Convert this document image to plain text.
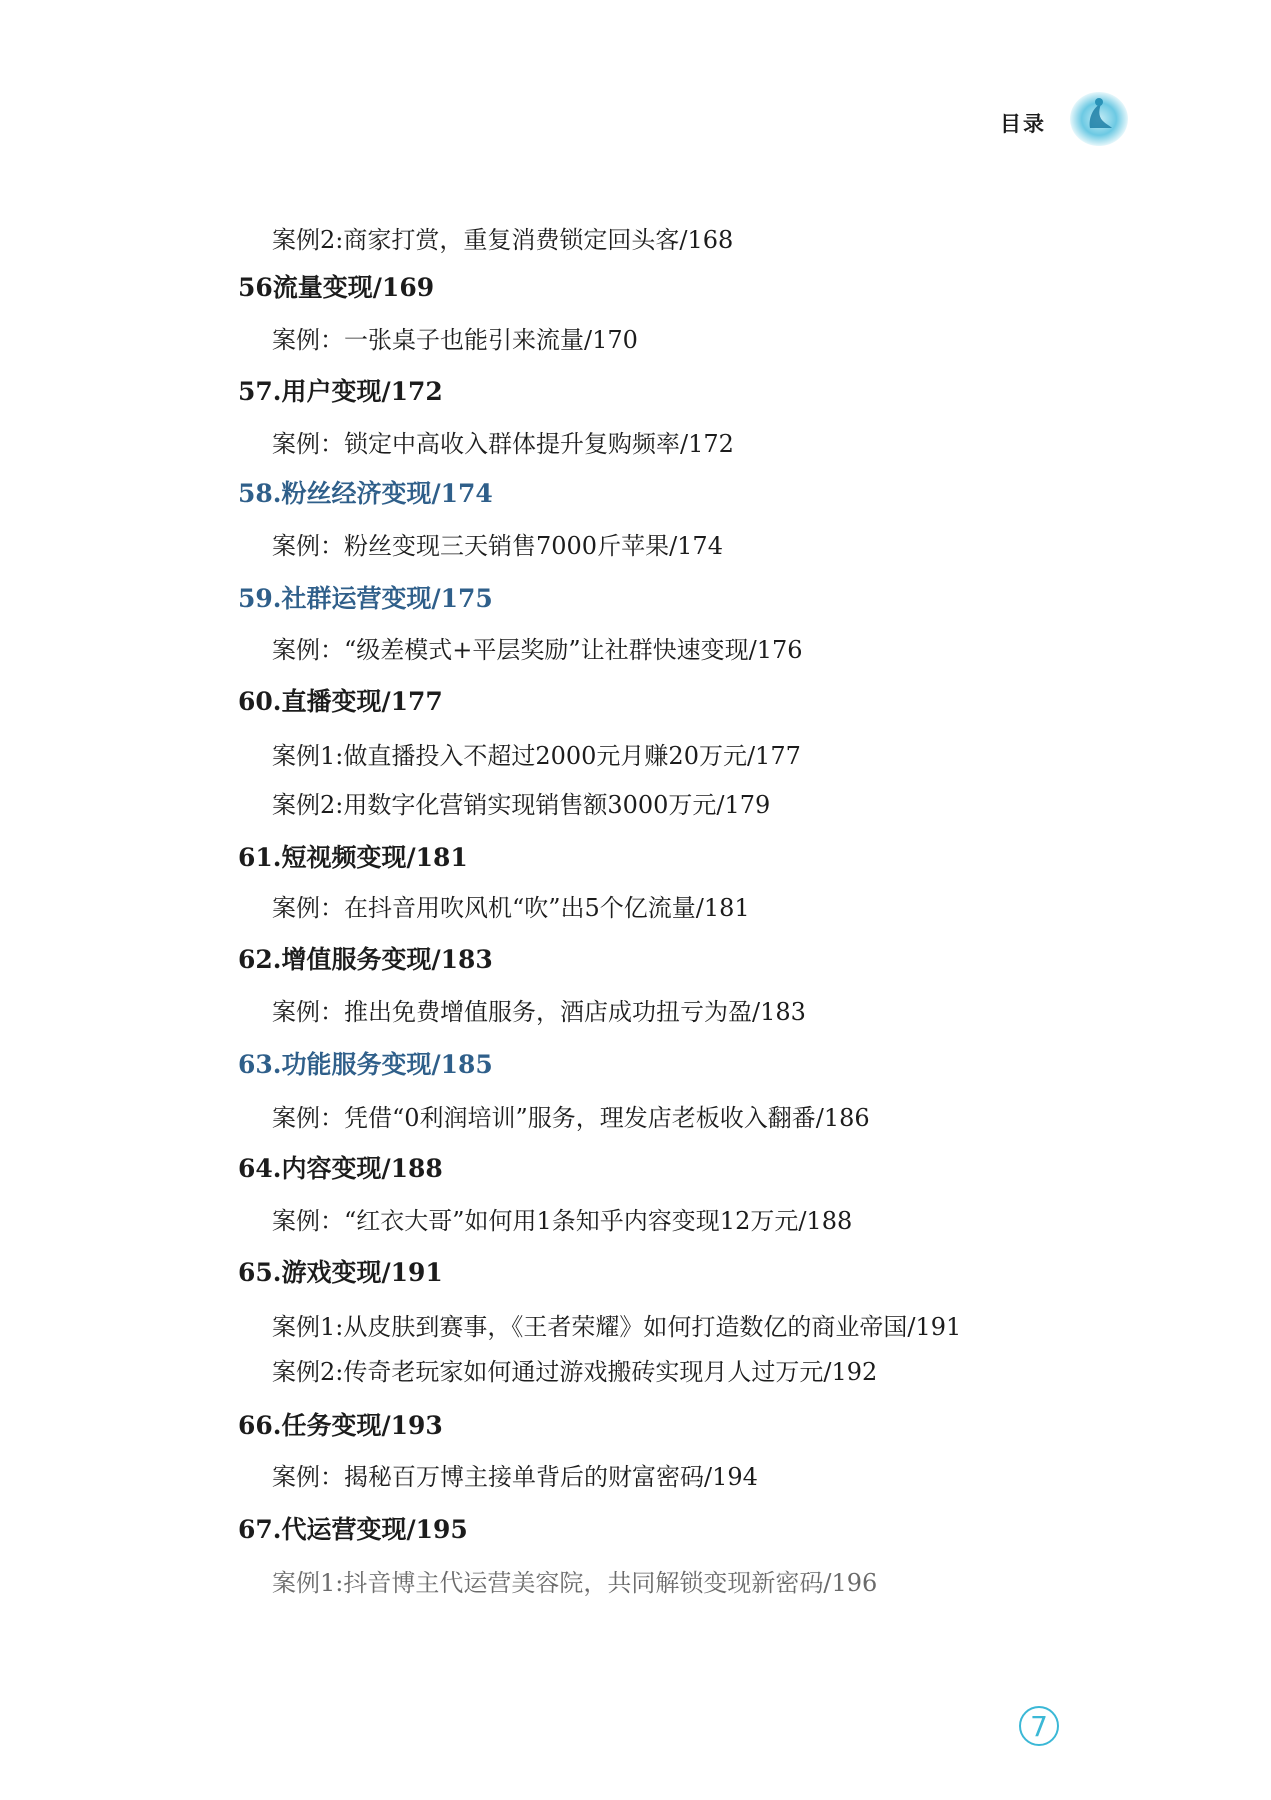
目录
案例2:商家打赏，重复消费锁定回头客/168
56流量变现/169
案例：一张桌子也能引来流量/170
57.用户变现/172
案例：锁定中高收入群体提升复购频率/172
58.粉丝经济变现/174
案例：粉丝变现三天销售7000斤苹果/174
59.社群运营变现/175
案例：“级差模式+平层奖励”让社群快速变现/176
60.直播变现/177
案例1:做直播投入不超过2000元月赚20万元/177
案例2:用数字化营销实现销售额3000万元/179
61.短视频变现/181
案例：在抖音用吹风机“吹”出5个亿流量/181
62.增值服务变现/183
案例：推出免费增值服务，酒店成功扭亏为盈/183
63.功能服务变现/185
案例：凭借“0利润培训”服务，理发店老板收入翻番/186
64.内容变现/188
案例：“红衣大哥”如何用1条知乎内容变现12万元/188
65.游戏变现/191
案例1:从皮肤到赛事，《王者荣耀》如何打造数亿的商业帝国/191
案例2:传奇老玩家如何通过游戏搬砖实现月人过万元/192
66.任务变现/193
案例：揭秘百万博主接单背后的财富密码/194
67.代运营变现/195
案例1:抖音博主代运营美容院，共同解锁变现新密码/196
7
